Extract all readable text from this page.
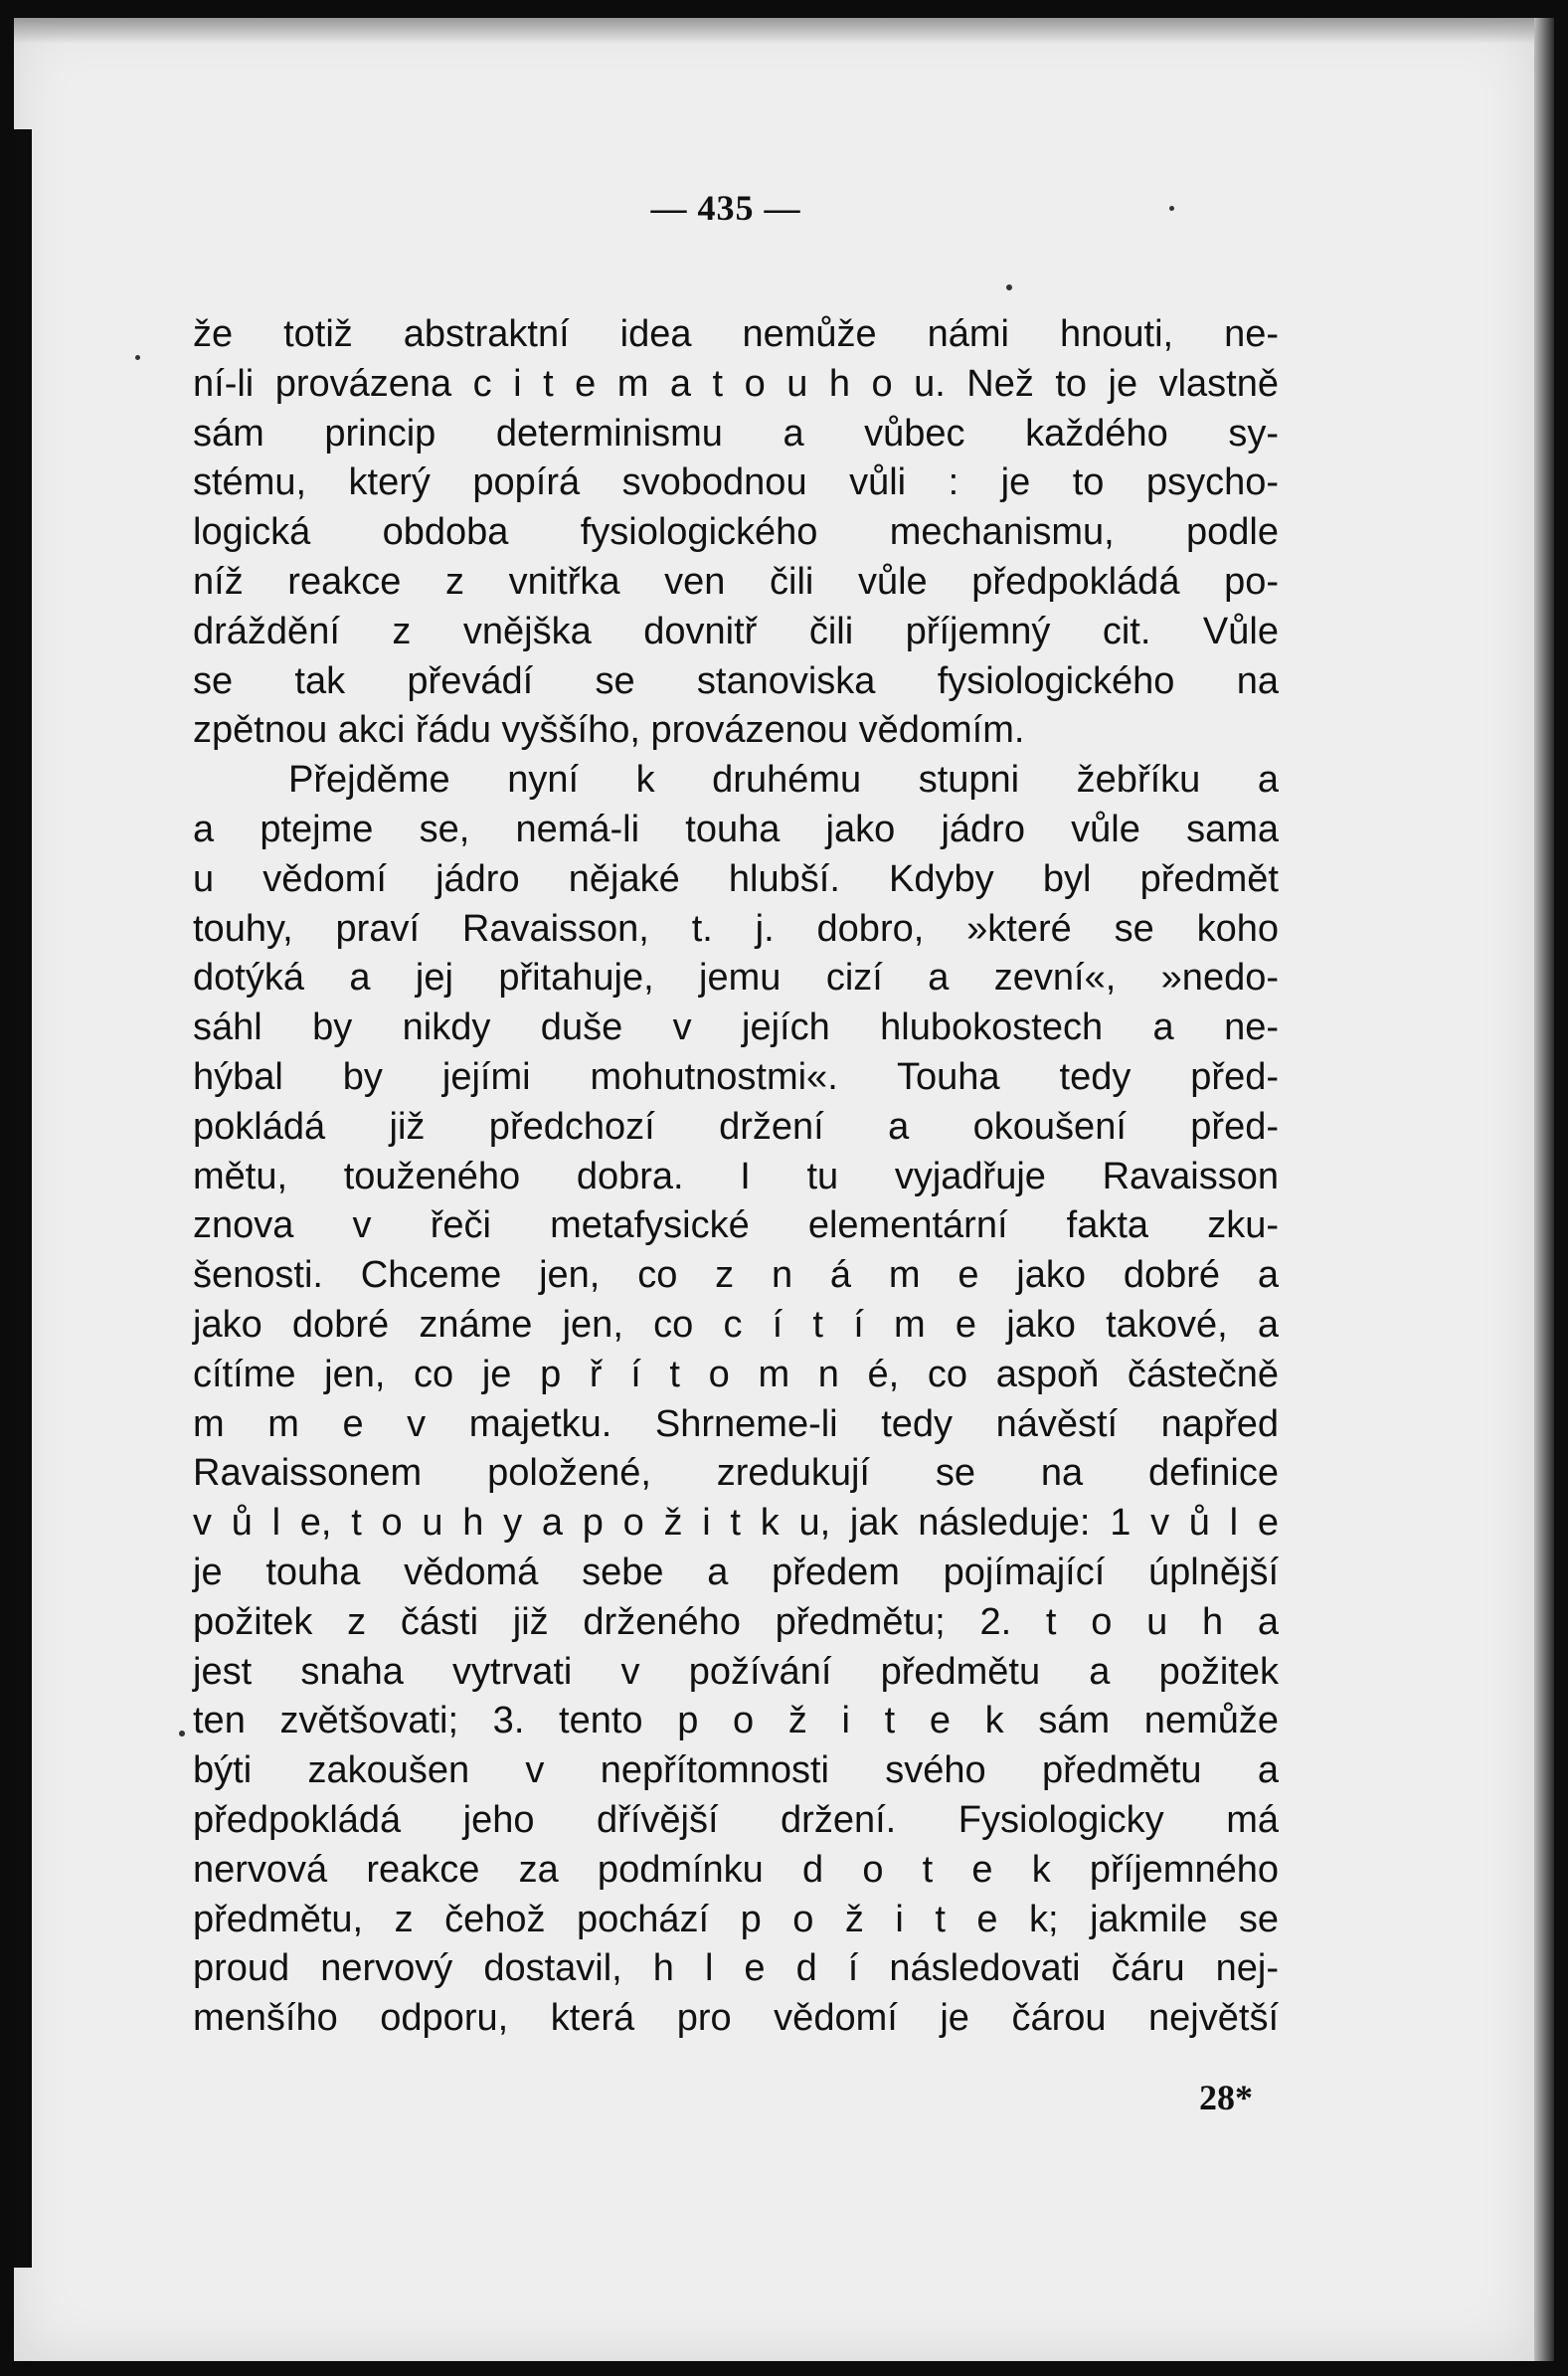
— 435 —
že totiž abstraktní idea nemůže námi hnouti, ne-
ní-li provázena c i t e m a t o u h o u. Než to je vlastně
sám princip determinismu a vůbec každého sy-
stému, který popírá svobodnou vůli : je to psycho-
logická obdoba fysiologického mechanismu, podle
níž reakce z vnitřka ven čili vůle předpokládá po-
dráždění z vnějška dovnitř čili příjemný cit. Vůle
se tak převádí se stanoviska fysiologického na
zpětnou akci řádu vyššího, provázenou vědomím.
Přejděme nyní k druhému stupni žebříku a
a ptejme se, nemá-li touha jako jádro vůle sama
u vědomí jádro nějaké hlubší. Kdyby byl předmět
touhy, praví Ravaisson, t. j. dobro, »které se koho
dotýká a jej přitahuje, jemu cizí a zevní«, »nedo-
sáhl by nikdy duše v jejích hlubokostech a ne-
hýbal by jejími mohutnostmi«. Touha tedy před-
pokládá již předchozí držení a okoušení před-
mětu, touženého dobra. I tu vyjadřuje Ravaisson
znova v řeči metafysické elementární fakta zku-
šenosti. Chceme jen, co z n á m e jako dobré a
jako dobré známe jen, co c í t í m e jako takové, a
cítíme jen, co je p ř í t o m n é, co aspoň částečně
m m e v majetku. Shrneme-li tedy návěstí napřed
Ravaissonem položené, zredukují se na definice
v ů l e, t o u h y a p o ž i t k u, jak následuje: 1 v ů l e
je touha vědomá sebe a předem pojímající úplnější
požitek z části již drženého předmětu; 2. t o u h a
jest snaha vytrvati v požívání předmětu a požitek
ten zvětšovati; 3. tento p o ž i t e k sám nemůže
býti zakoušen v nepřítomnosti svého předmětu a
předpokládá jeho dřívější držení. Fysiologicky má
nervová reakce za podmínku d o t e k příjemného
předmětu, z čehož pochází p o ž i t e k; jakmile se
proud nervový dostavil, h l e d í následovati čáru nej-
menšího odporu, která pro vědomí je čárou největší
28*
